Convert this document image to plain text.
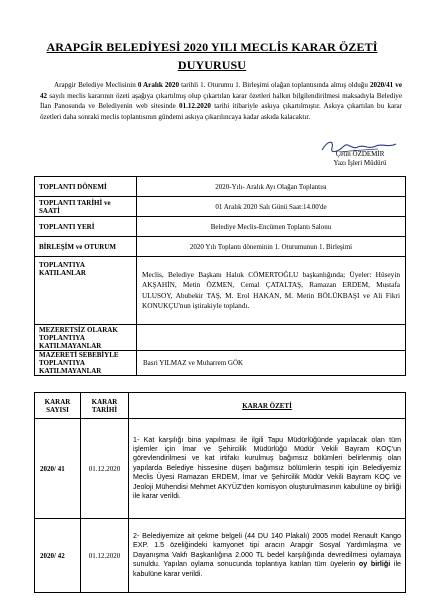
ARAPGİR BELEDİYESİ 2020 YILI MECLİS KARAR ÖZETİ
DUYURUSU
Arapgir Belediye Meclisinin 0 Aralık 2020 tarihli 1. Oturumu 1. Birleşimi olağan toplantısında almış olduğu 2020/41 ve 42 sayılı meclis kararının özeti aşağıya çıkartılmış olup çıkartılan karar özetleri halkın bilgilendirilmesi maksadıyla Belediye İlan Panosunda ve Belediyenin web sitesinde 01.12.2020 tarihi itibariyle askıya çıkartılmıştır. Askıya çıkartılan bu karar özetleri daha sonraki meclis toplantısının gündemi askıya çıkarılıncaya kadar askıda kalacaktır.
Çetin ÖZDEMİR
Yazı İşleri Müdürü
TOPLANTI DÖNEMİ	2020-Yılı- Aralık Ayı Olağan Toplantısı
TOPLANTI TARİHİ ve SAATİ	01 Aralık 2020 Salı Günü Saat:14.00'de
TOPLANTI YERİ	Belediye Meclis-Encümen Toplantı Salonu
BİRLEŞİM ve OTURUM	2020 Yılı Toplantı döneminin 1. Oturumunun 1. Birleşimi
TOPLANTIYA KATILANLAR	Meclis, Belediye Başkanı Haluk CÖMERTOĞLU başkanlığında; Üyeler: Hüseyin AKŞAHİN, Metin ÖZMEN, Cemal ÇATALTAŞ, Ramazan ERDEM, Mustafa ULUSOY, Abubekir TAŞ, M. Erol HAKAN, M. Metin BÖLÜKBAŞI ve Ali Fikri KONUKÇU'nun iştirakiyle toplandı.
MEZERETSİZ OLARAK TOPLANTIYA KATILMAYANLAR	
MAZERETİ SEBEBİYLE TOPLANTIYA KATILMAYANLAR	Basri YILMAZ ve Muharrem GÖK
KARAR SAYISI	KARAR TARİHİ	KARAR ÖZETİ
2020/ 41	01.12.2020	1- Kat karşılığı bina yapılması ile ilgili Tapu Müdürlüğünde yapılacak olan tüm işlemler için İmar ve Şehircilik Müdürlüğü Müdür Vekili Bayram KOÇ'un görevlendirilmesi ve kat irtifakı kurulmuş bağımsız bölümleri belirlenmiş olan yapılarda Belediye hissesine düşen bağımsız bölümlerin tespiti için Belediyemiz Meclis Üyesi Ramazan ERDEM, İmar ve Şehircilik Müdür Vekili Bayram KOÇ ve Jeoloji Mühendisi Mehmet AKYÜZ'den komisyon oluşturulmasının kabulüne oy birliği ile karar verildi.
2020/ 42	01.12.2020	2- Belediyemize ait çekme belgeli (44 DU 140 Plakalı) 2005 model Renault Kango EXP. 1.5 özeliğindeki kamyonet tipi aracın Arapgir Sosyal Yardımlaşma ve Dayanışma Vakfı Başkanlığına 2.000 TL bedel karşılığında devredilmesi oylamaya sunuldu. Yapılan oylama sonucunda toplantıya katılan tüm üyelerin oy birliği ile kabulüne karar verildi.
